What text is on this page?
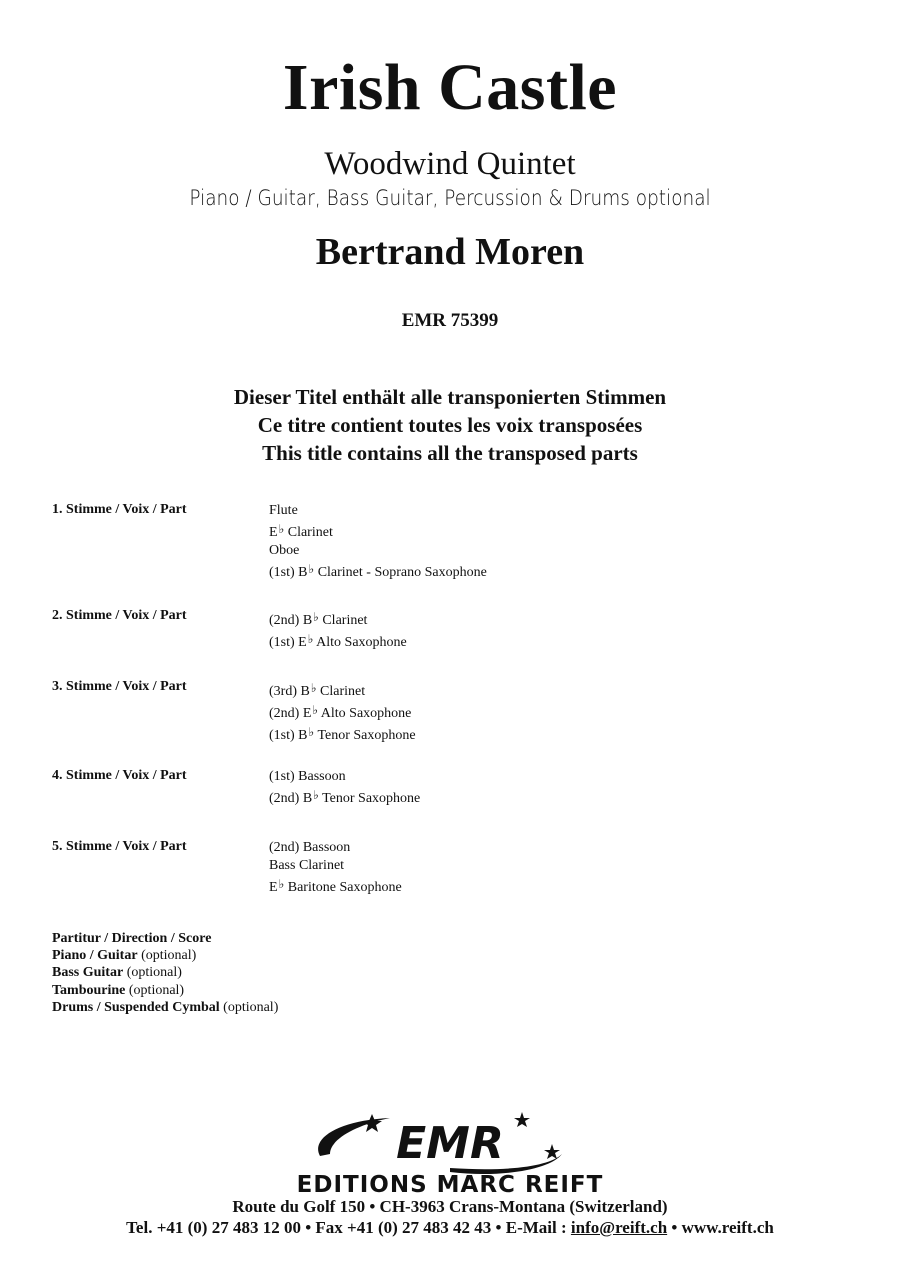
Irish Castle
Woodwind Quintet
Piano / Guitar, Bass Guitar, Percussion & Drums optional
Bertrand Moren
EMR 75399
Dieser Titel enthält alle transponierten Stimmen
Ce titre contient toutes les voix transposées
This title contains all the transposed parts
1. Stimme / Voix / Part	Flute
E♭ Clarinet
Oboe
(1st) B♭ Clarinet - Soprano Saxophone
2. Stimme / Voix / Part	(2nd) B♭ Clarinet
(1st) E♭ Alto Saxophone
3. Stimme / Voix / Part	(3rd) B♭ Clarinet
(2nd) E♭ Alto Saxophone
(1st) B♭ Tenor Saxophone
4. Stimme / Voix / Part	(1st) Bassoon
(2nd) B♭ Tenor Saxophone
5. Stimme / Voix / Part	(2nd) Bassoon
Bass Clarinet
E♭ Baritone Saxophone
Partitur / Direction / Score
Piano / Guitar (optional)
Bass Guitar (optional)
Tambourine (optional)
Drums / Suspended Cymbal (optional)
EMR
EDITIONS MARC REIFT
Route du Golf 150 • CH-3963 Crans-Montana (Switzerland)
Tel. +41 (0) 27 483 12 00 • Fax +41 (0) 27 483 42 43 • E-Mail : info@reift.ch • www.reift.ch
